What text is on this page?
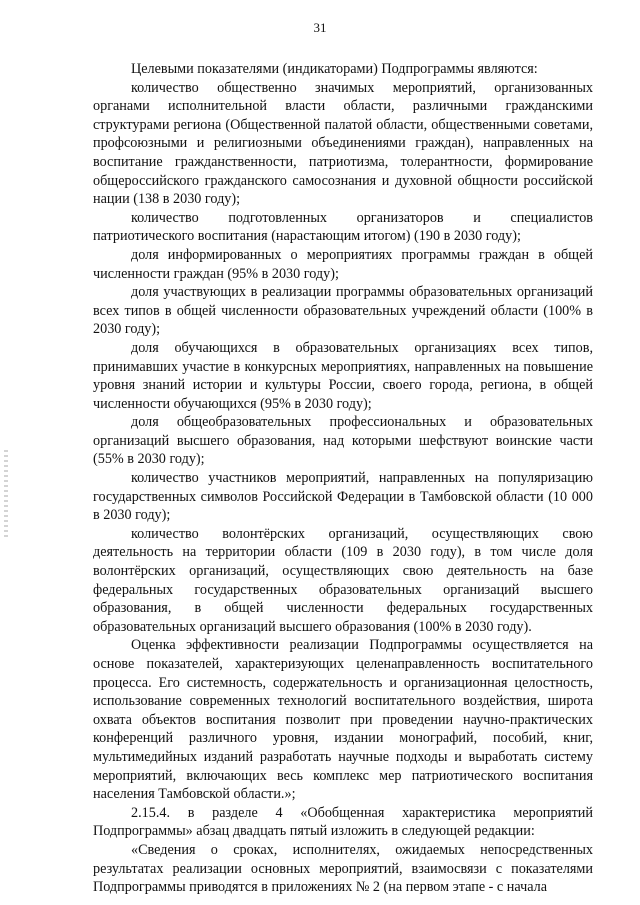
31

Целевыми показателями (индикаторами) Подпрограммы являются:

количество общественно значимых мероприятий, организованных органами исполнительной власти области, различными гражданскими структурами региона (Общественной палатой области, общественными советами, профсоюзными и религиозными объединениями граждан), направленных на воспитание гражданственности, патриотизма, толерантности, формирование общероссийского гражданского самосознания и духовной общности российской нации (138 в 2030 году);

количество подготовленных организаторов и специалистов патриотического воспитания (нарастающим итогом) (190 в 2030 году);

доля информированных о мероприятиях программы граждан в общей численности граждан (95% в 2030 году);

доля участвующих в реализации программы образовательных организаций всех типов в общей численности образовательных учреждений области (100% в 2030 году);

доля обучающихся в образовательных организациях всех типов, принимавших участие в конкурсных мероприятиях, направленных на повышение уровня знаний истории и культуры России, своего города, региона, в общей численности обучающихся (95% в 2030 году);

доля общеобразовательных профессиональных и образовательных организаций высшего образования, над которыми шефствуют воинские части (55% в 2030 году);

количество участников мероприятий, направленных на популяризацию государственных символов Российской Федерации в Тамбовской области (10 000 в 2030 году);

количество волонтёрских организаций, осуществляющих свою деятельность на территории области (109 в 2030 году), в том числе доля волонтёрских организаций, осуществляющих свою деятельность на базе федеральных государственных образовательных организаций высшего образования, в общей численности федеральных государственных образовательных организаций высшего образования (100% в 2030 году).

Оценка эффективности реализации Подпрограммы осуществляется на основе показателей, характеризующих целенаправленность воспитательного процесса. Его системность, содержательность и организационная целостность, использование современных технологий воспитательного воздействия, широта охвата объектов воспитания позволит при проведении научно-практических конференций различного уровня, издании монографий, пособий, книг, мультимедийных изданий разработать научные подходы и выработать систему мероприятий, включающих весь комплекс мер патриотического воспитания населения Тамбовской области.»;

2.15.4. в разделе 4 «Обобщенная характеристика мероприятий Подпрограммы» абзац двадцать пятый изложить в следующей редакции:

«Сведения о сроках, исполнителях, ожидаемых непосредственных результатах реализации основных мероприятий, взаимосвязи с показателями Подпрограммы приводятся в приложениях № 2 (на первом этапе - с начала
